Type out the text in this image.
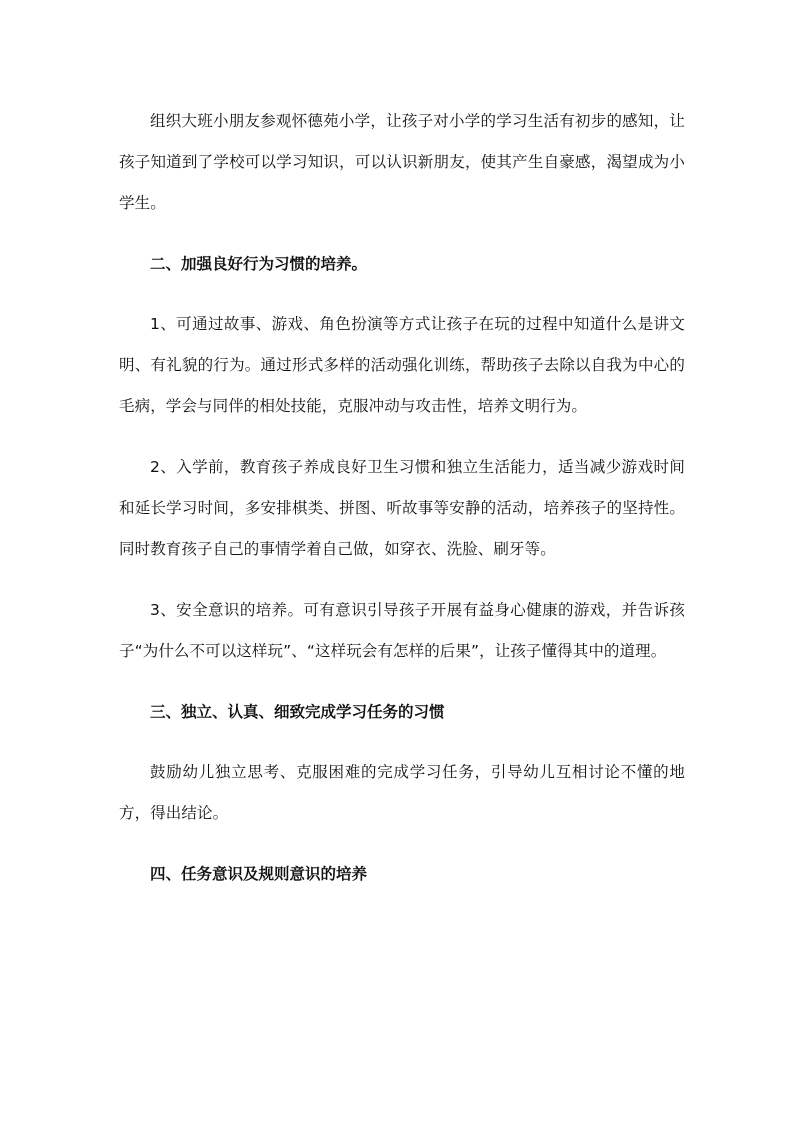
组织大班小朋友参观怀德苑小学，让孩子对小学的学习生活有初步的感知，让孩子知道到了学校可以学习知识，可以认识新朋友，使其产生自豪感，渴望成为小学生。

二、加强良好行为习惯的培养。

1、可通过故事、游戏、角色扮演等方式让孩子在玩的过程中知道什么是讲文明、有礼貌的行为。通过形式多样的活动强化训练，帮助孩子去除以自我为中心的毛病，学会与同伴的相处技能，克服冲动与攻击性，培养文明行为。

2、入学前，教育孩子养成良好卫生习惯和独立生活能力，适当减少游戏时间和延长学习时间，多安排棋类、拼图、听故事等安静的活动，培养孩子的坚持性。同时教育孩子自己的事情学着自己做，如穿衣、洗脸、刷牙等。

3、安全意识的培养。可有意识引导孩子开展有益身心健康的游戏，并告诉孩子“为什么不可以这样玩”、“这样玩会有怎样的后果”，让孩子懂得其中的道理。

三、独立、认真、细致完成学习任务的习惯

鼓励幼儿独立思考、克服困难的完成学习任务，引导幼儿互相讨论不懂的地方，得出结论。

四、任务意识及规则意识的培养
